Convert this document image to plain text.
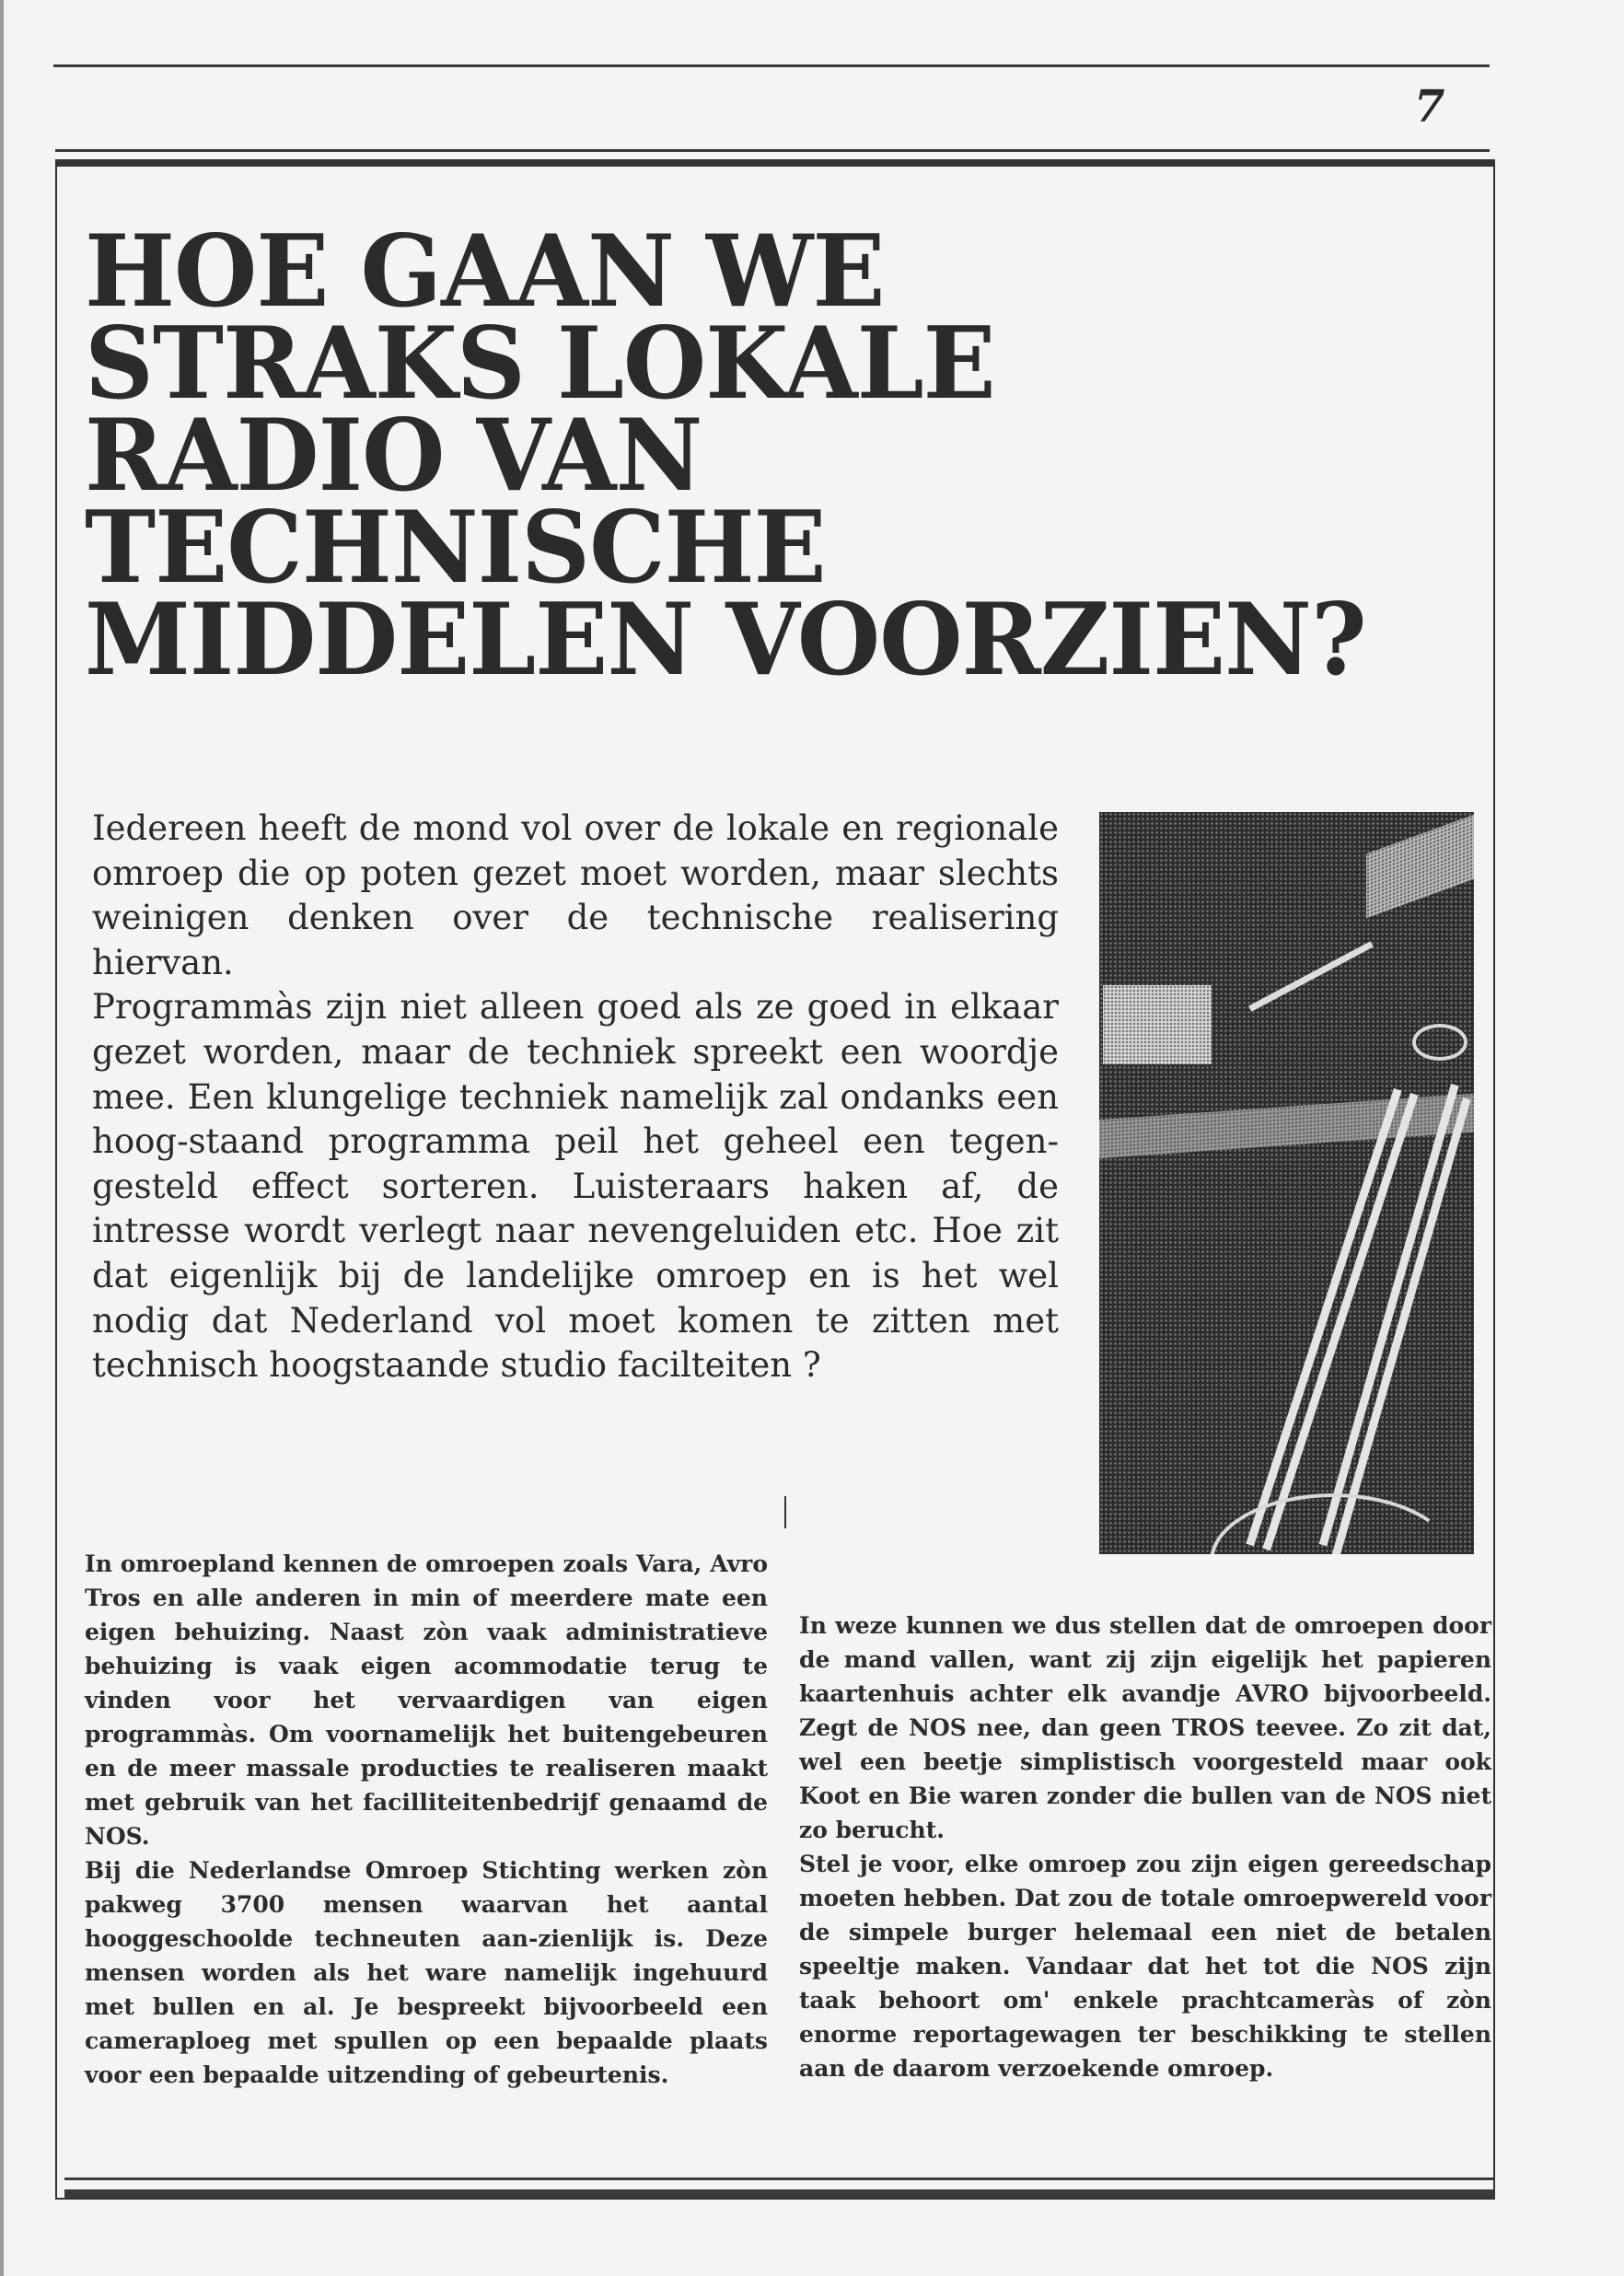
7
HOE GAAN WE
STRAKS LOKALE
RADIO VAN
TECHNISCHE
MIDDELEN VOORZIEN?

Iedereen heeft de mond vol over de lokale en regionale omroep die op poten gezet moet worden, maar slechts weinigen denken over de technische realisering hiervan.

Programmàs zijn niet alleen goed als ze goed in elkaar gezet worden, maar de techniek spreekt een woordje mee. Een klungelige techniek namelijk zal ondanks een hoog-staand programma peil het geheel een tegen-gesteld effect sorteren. Luisteraars haken af, de intresse wordt verlegt naar nevengeluiden etc. Hoe zit dat eigenlijk bij de landelijke omroep en is het wel nodig dat Nederland vol moet komen te zitten met technisch hoogstaande studio facilteiten ?

In omroepland kennen de omroepen zoals Vara, Avro Tros en alle anderen in min of meerdere mate een eigen behuizing. Naast zòn vaak administratieve behuizing is vaak eigen acommodatie terug te vinden voor het vervaardigen van eigen programmàs. Om voornamelijk het buitengebeuren en de meer massale producties te realiseren maakt met gebruik van het facilliteitenbedrijf genaamd de NOS.

Bij die Nederlandse Omroep Stichting werken zòn pakweg 3700 mensen waarvan het aantal hooggeschoolde techneuten aan-zienlijk is. Deze mensen worden als het ware namelijk ingehuurd met bullen en al. Je bespreekt bijvoorbeeld een cameraploeg met spullen op een bepaalde plaats voor een bepaalde uitzending of gebeurtenis.

In weze kunnen we dus stellen dat de omroepen door de mand vallen, want zij zijn eigelijk het papieren kaartenhuis achter elk avandje AVRO bijvoorbeeld. Zegt de NOS nee, dan geen TROS teevee. Zo zit dat, wel een beetje simplistisch voorgesteld maar ook Koot en Bie waren zonder die bullen van de NOS niet zo berucht.

Stel je voor, elke omroep zou zijn eigen gereedschap moeten hebben. Dat zou de totale omroepwereld voor de simpele burger helemaal een niet de betalen speeltje maken. Vandaar dat het tot die NOS zijn taak behoort om' enkele prachtcameràs of zòn enorme reportagewagen ter beschikking te stellen aan de daarom verzoekende omroep.
